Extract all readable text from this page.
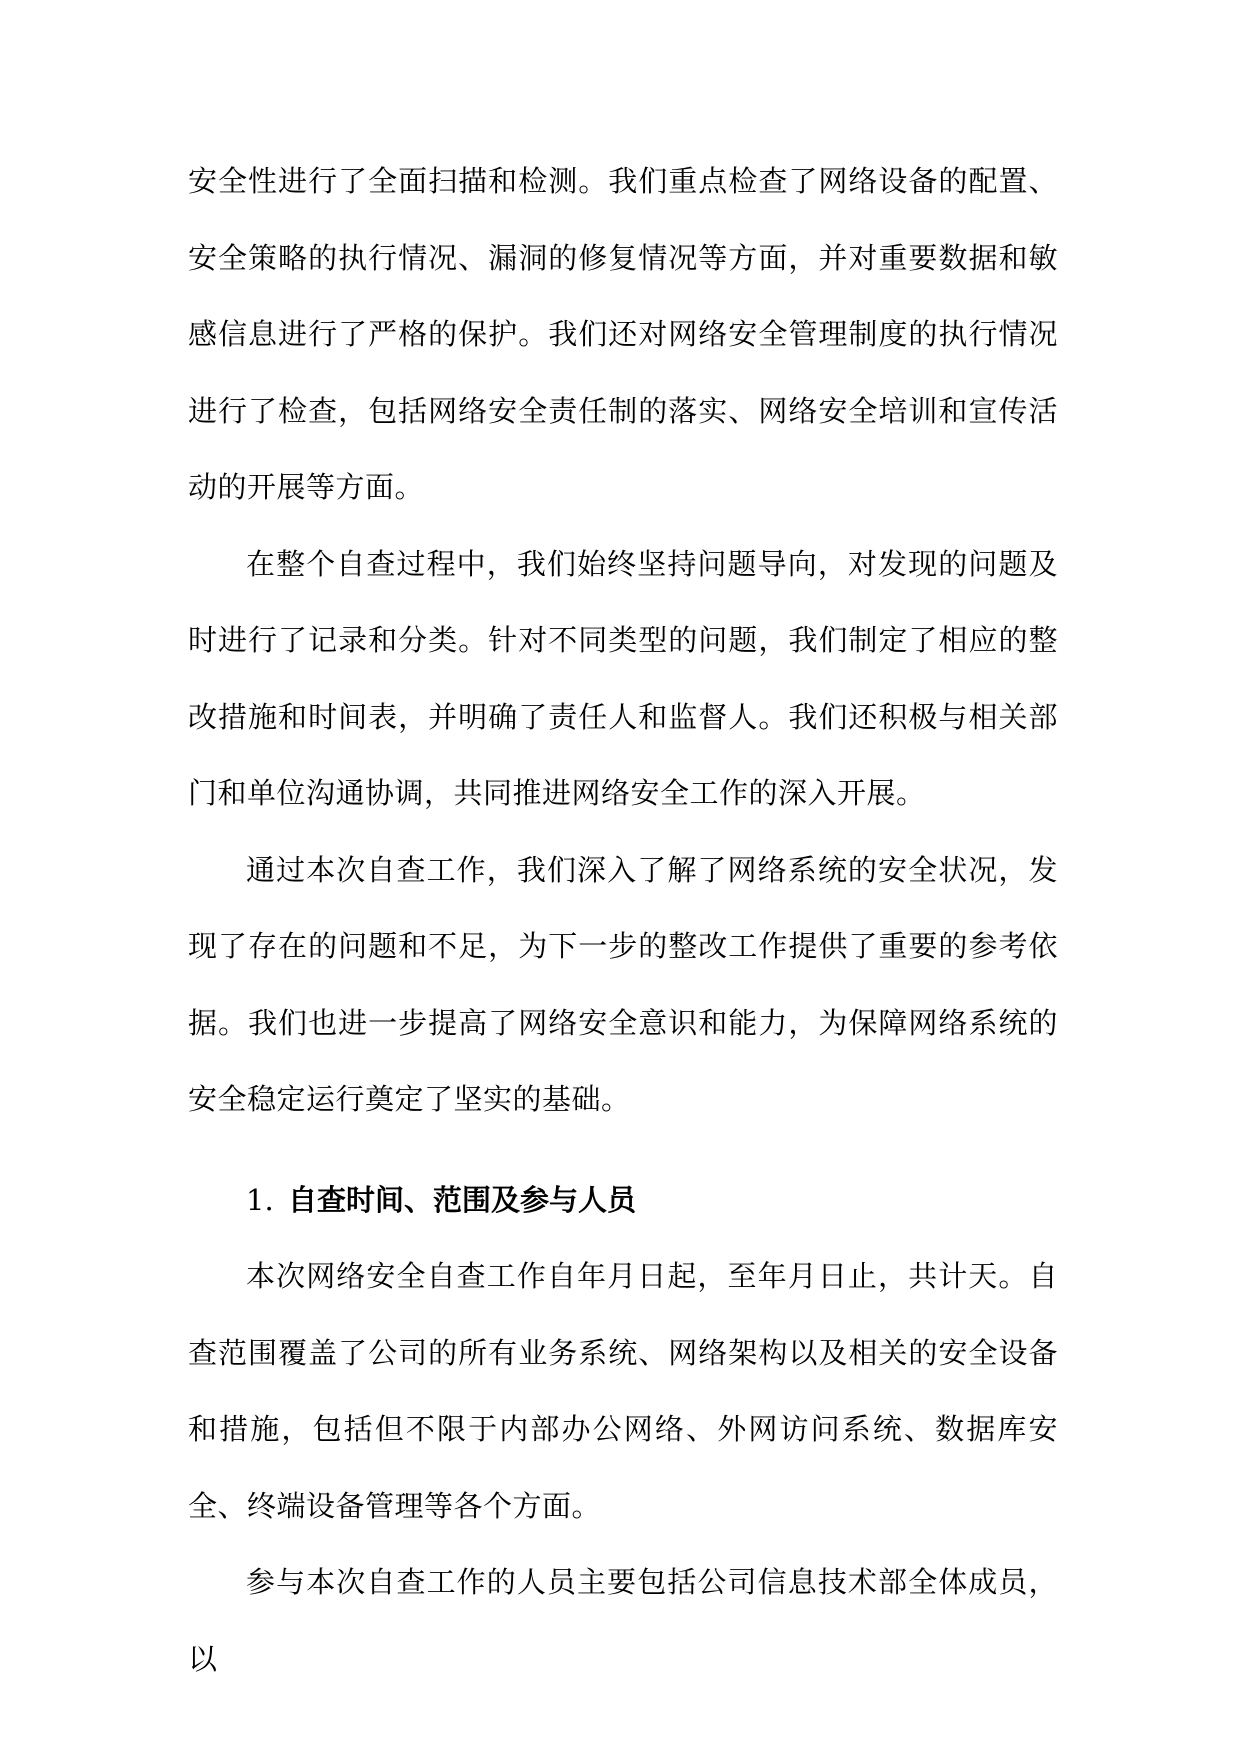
安全性进行了全面扫描和检测。我们重点检查了网络设备的配置、安全策略的执行情况、漏洞的修复情况等方面，并对重要数据和敏感信息进行了严格的保护。我们还对网络安全管理制度的执行情况进行了检查，包括网络安全责任制的落实、网络安全培训和宣传活动的开展等方面。

在整个自查过程中，我们始终坚持问题导向，对发现的问题及时进行了记录和分类。针对不同类型的问题，我们制定了相应的整改措施和时间表，并明确了责任人和监督人。我们还积极与相关部门和单位沟通协调，共同推进网络安全工作的深入开展。

通过本次自查工作，我们深入了解了网络系统的安全状况，发现了存在的问题和不足，为下一步的整改工作提供了重要的参考依据。我们也进一步提高了网络安全意识和能力，为保障网络系统的安全稳定运行奠定了坚实的基础。

1. 自查时间、范围及参与人员

本次网络安全自查工作自年月日起，至年月日止，共计天。自查范围覆盖了公司的所有业务系统、网络架构以及相关的安全设备和措施，包括但不限于内部办公网络、外网访问系统、数据库安全、终端设备管理等各个方面。

参与本次自查工作的人员主要包括公司信息技术部全体成员，以
